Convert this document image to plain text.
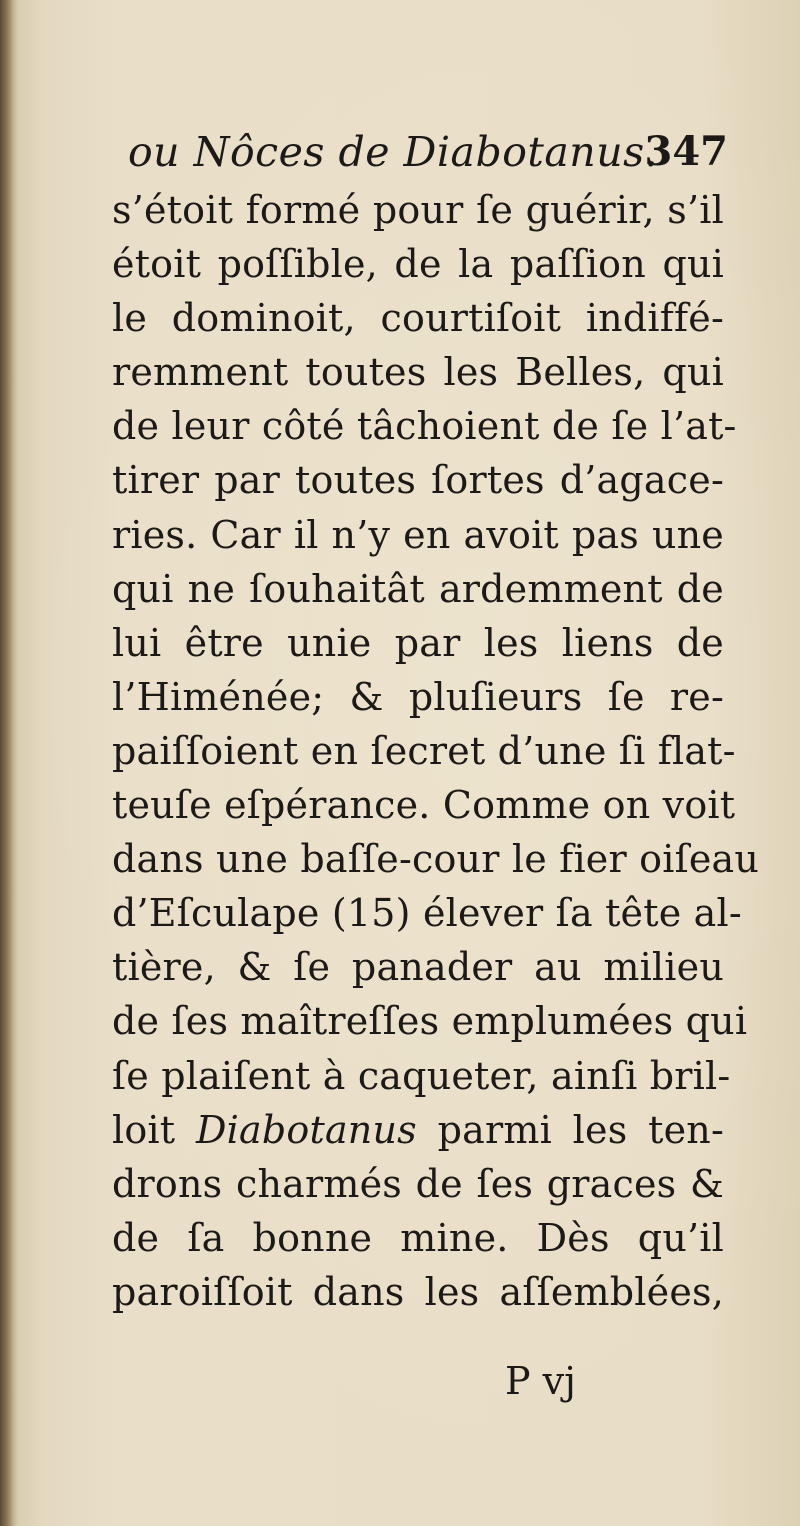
ou Nôces de Diabotanus.
347
s’étoit formé pour ſe guérir, s’il
étoit poſſible, de la paſſion qui
le dominoit, courtiſoit indiffé-
remment toutes les Belles, qui
de leur côté tâchoient de ſe l’at-
tirer par toutes ſortes d’agace-
ries. Car il n’y en avoit pas une
qui ne ſouhaitât ardemment de
lui être unie par les liens de
l’Himénée; & pluſieurs ſe re-
paiſſoient en ſecret d’une ſi flat-
teuſe eſpérance. Comme on voit
dans une baſſe-cour le fier oiſeau
d’Eſculape (15) élever ſa tête al-
tière, & ſe panader au milieu
de ſes maîtreſſes emplumées qui
ſe plaiſent à caqueter, ainſi bril-
loit Diabotanus parmi les ten-
drons charmés de ſes graces &
de ſa bonne mine. Dès qu’il
paroiſſoit dans les aſſemblées,
P vj
